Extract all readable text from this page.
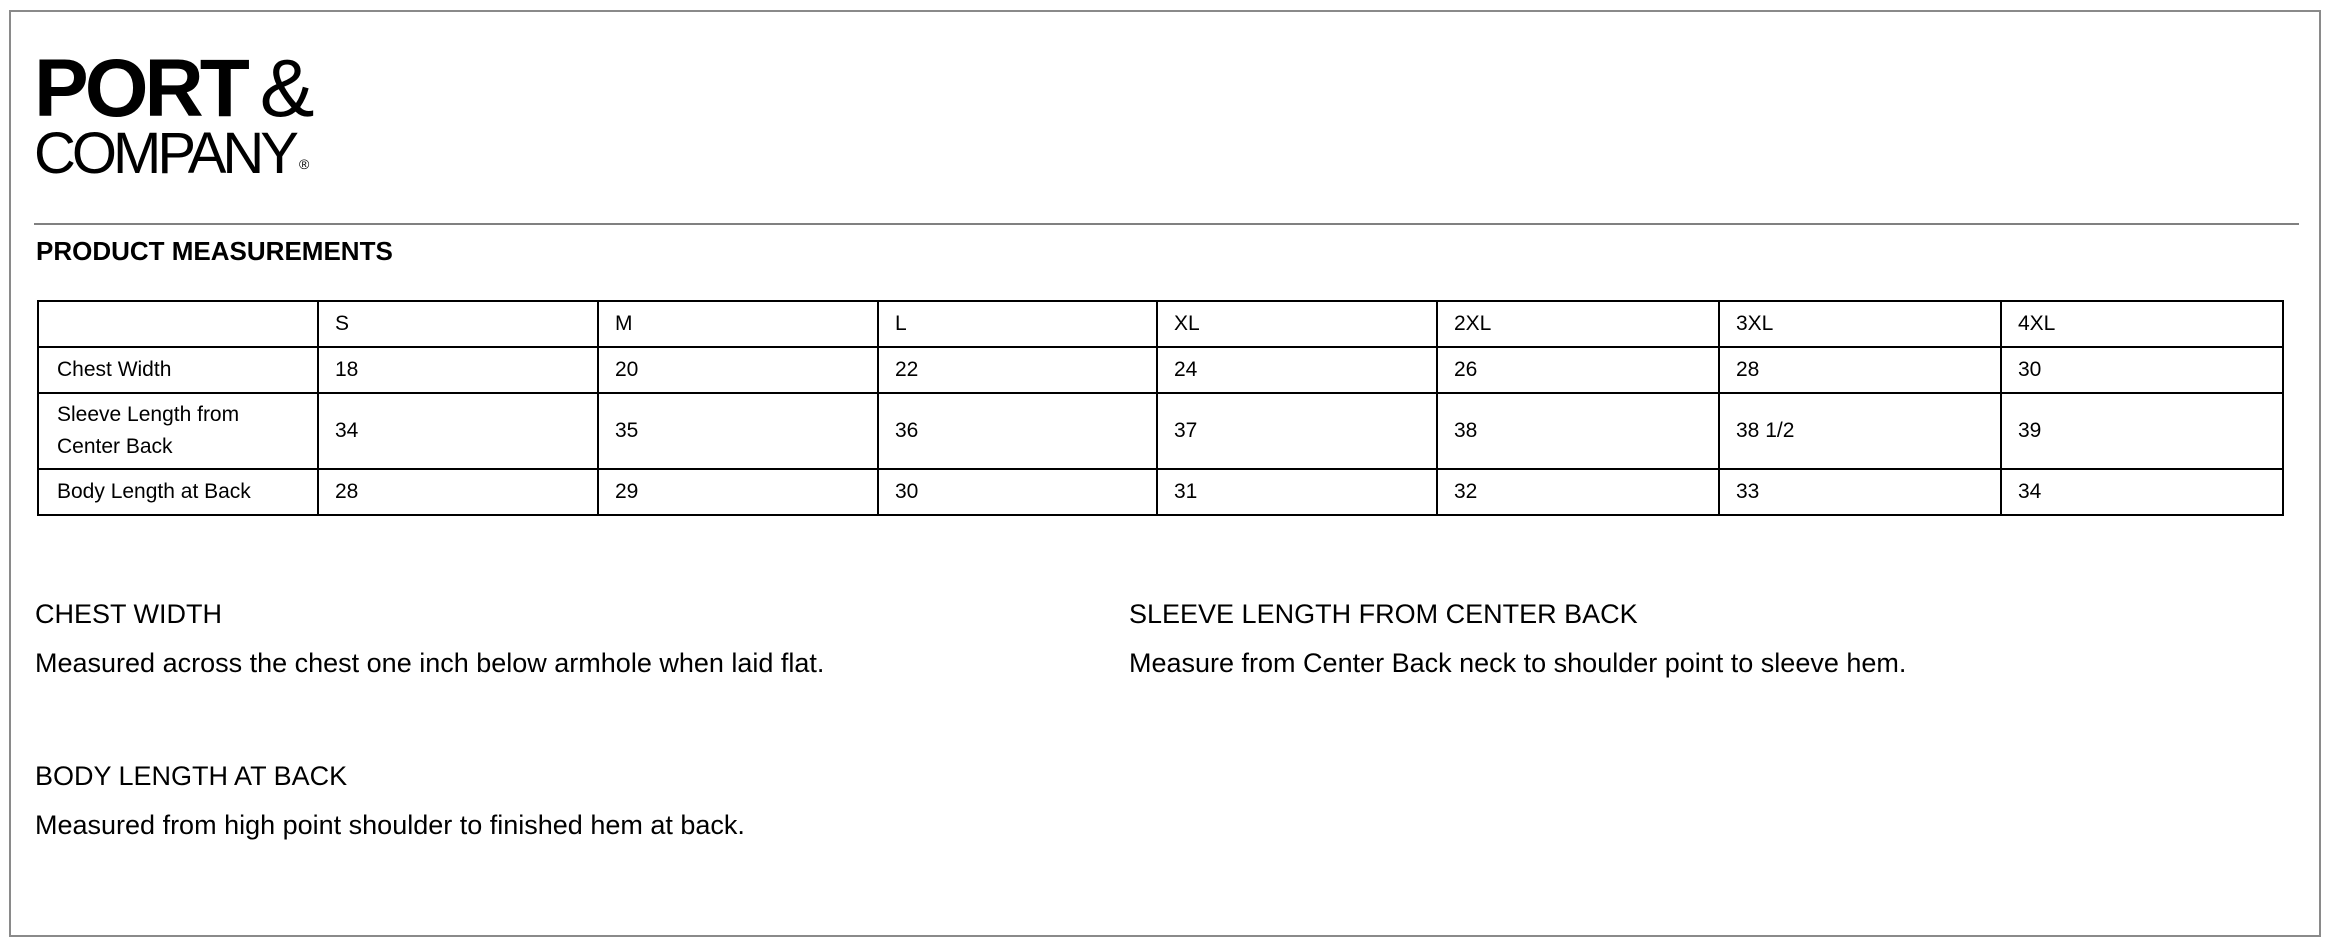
PORT &
COMPANY ®
PRODUCT MEASUREMENTS
	S	M	L	XL	2XL	3XL	4XL
Chest Width	18	20	22	24	26	28	30

Sleeve Length from Center Back	34	35	36	37	38	38 1/2	39
Body Length at Back	28	29	30	31	32	33	34
CHEST WIDTH
Measured across the chest one inch below armhole when laid flat.
SLEEVE LENGTH FROM CENTER BACK
Measure from Center Back neck to shoulder point to sleeve hem.
BODY LENGTH AT BACK
Measured from high point shoulder to finished hem at back.
